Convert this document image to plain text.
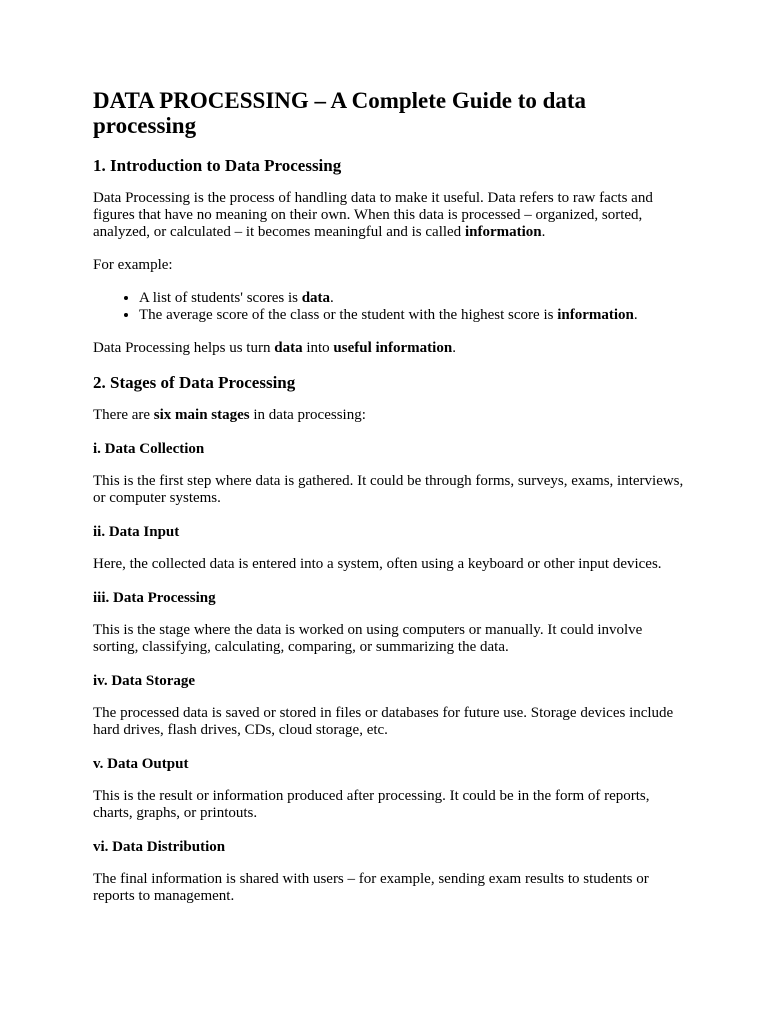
DATA PROCESSING – A Complete Guide to data processing
1. Introduction to Data Processing

Data Processing is the process of handling data to make it useful. Data refers to raw facts and figures that have no meaning on their own. When this data is processed – organized, sorted, analyzed, or calculated – it becomes meaningful and is called information.

For example:

• A list of students' scores is data.
• The average score of the class or the student with the highest score is information.

Data Processing helps us turn data into useful information.

2. Stages of Data Processing

There are six main stages in data processing:

i. Data Collection

This is the first step where data is gathered. It could be through forms, surveys, exams, interviews, or computer systems.

ii. Data Input

Here, the collected data is entered into a system, often using a keyboard or other input devices.

iii. Data Processing

This is the stage where the data is worked on using computers or manually. It could involve sorting, classifying, calculating, comparing, or summarizing the data.

iv. Data Storage

The processed data is saved or stored in files or databases for future use. Storage devices include hard drives, flash drives, CDs, cloud storage, etc.

v. Data Output

This is the result or information produced after processing. It could be in the form of reports, charts, graphs, or printouts.

vi. Data Distribution

The final information is shared with users – for example, sending exam results to students or reports to management.
